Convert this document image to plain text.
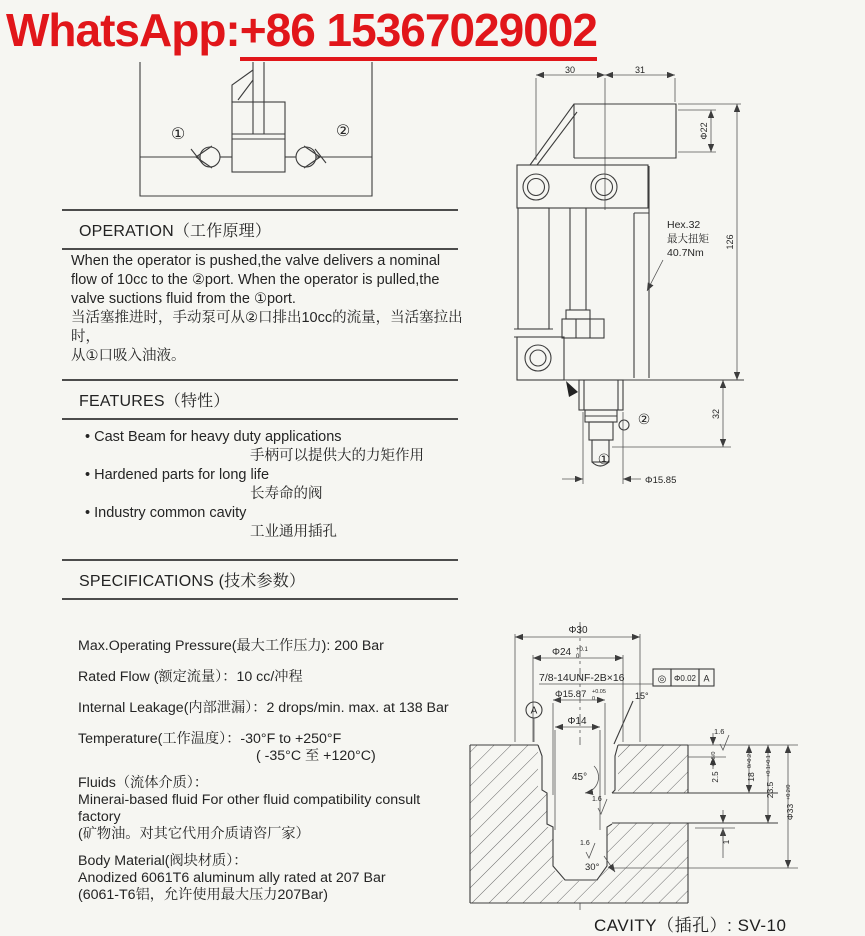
WhatsApp:+86 15367029002
①	②
OPERATION（工作原理）
When the operator is pushed,the valve delivers a nominal
flow of 10cc to the ②port. When the operator is pulled,the
valve suctions fluid from the ①port.
当活塞推进时，手动泵可从②口排出10cc的流量，当活塞拉出时，
从①口吸入油液。
FEATURES（特性）
• Cast Beam for heavy duty applications
手柄可以提供大的力矩作用
• Hardened parts for long life
长寿命的阀
• Industry common cavity
工业通用插孔
SPECIFICATIONS (技术参数）
Max.Operating Pressure(最大工作压力): 200 Bar
Rated Flow (额定流量）：10 cc/冲程
Internal Leakage(内部泄漏）：2 drops/min. max. at 138 Bar
Temperature(工作温度）：-30°F to +250°F
( -35°C 至 +120°C)
Fluids（流体介质）：
Minerai-based fluid For other fluid compatibility consult
factory
(矿物油。对其它代用介质请咨厂家）
Body Material(阀块材质）：
Anodized 6061T6 aluminum ally rated at 207 Bar
(6061-T6铝，允许使用最大压力207Bar)
30	31
Φ22
126
Hex.32
最大扭矩
40.7Nm
②
①
32
Φ15.85
◎ Φ0.02 A
A
Φ30
Φ24 +0.1
0
7/8-14UNF-2B×16
Φ15.87 +0.05
0	15°
Φ14
45°
1.6
1.6
1.6
2.5
+0.5/0
18
0/-0.2
23.5
+0.1/-0.1
Φ33
+0.2/0
1
30°
CAVITY（插孔）: SV-10
